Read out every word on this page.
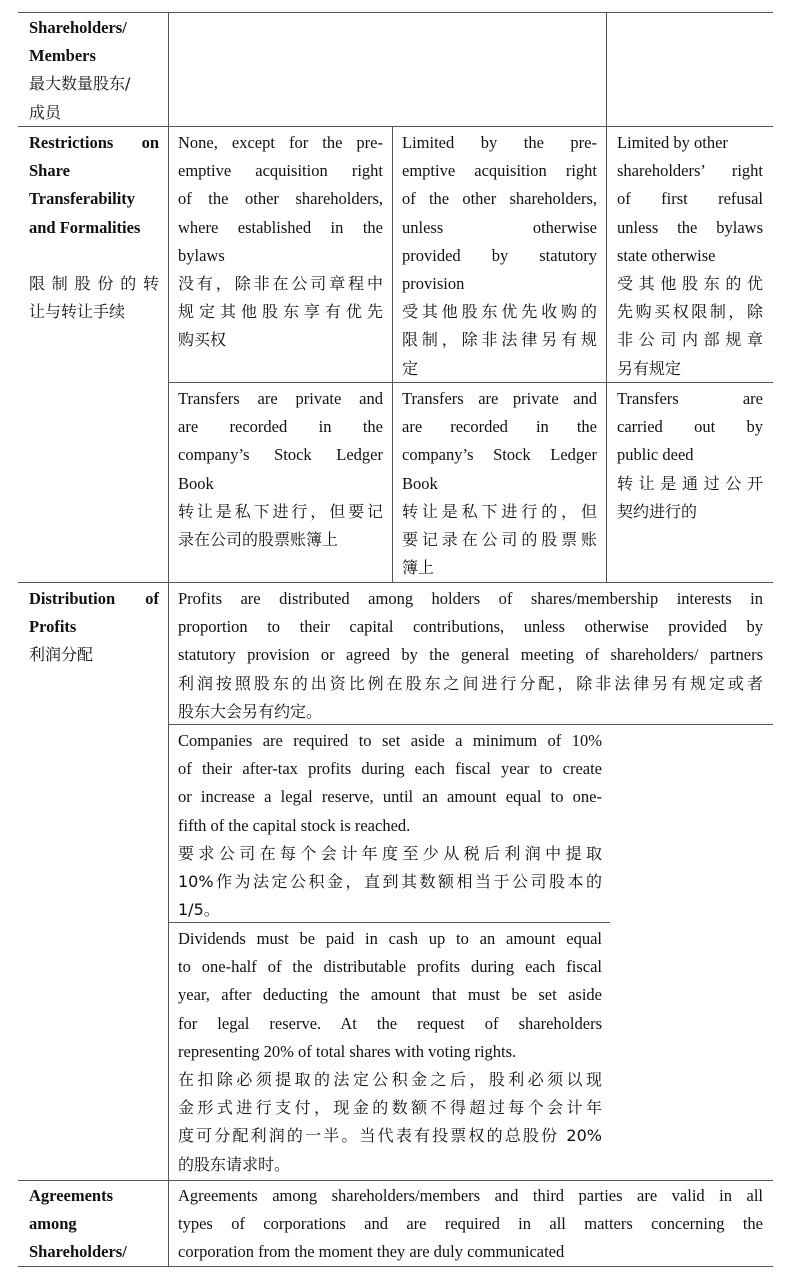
Shareholders/

Members

最大数量股东/

成员

Restrictions on

Share

Transferability

and Formalities

限制股份的转

让与转让手续

None, except for the pre-

emptive acquisition right

of the other shareholders,

where established in the

bylaws

没有，除非在公司章程中

规定其他股东享有优先

购买权

Limited by the pre-

emptive acquisition right

of the other shareholders,

unless otherwise

provided by statutory

provision

受其他股东优先收购的

限制，除非法律另有规

定

Limited by other

shareholders’ right

of first refusal

unless the bylaws

state otherwise

受其他股东的优

先购买权限制，除

非公司内部规章

另有规定

Transfers are private and

are recorded in the

company’s Stock Ledger

Book

转让是私下进行，但要记

录在公司的股票账簿上

Transfers are private and

are recorded in the

company’s Stock Ledger

Book

转让是私下进行的，但

要记录在公司的股票账

簿上

Transfers are

carried out by

public deed

转让是通过公开

契约进行的

Distribution of

Profits

利润分配

Profits are distributed among holders of shares/membership interests in

proportion to their capital contributions, unless otherwise provided by

statutory provision or agreed by the general meeting of shareholders/ partners

利润按照股东的出资比例在股东之间进行分配，除非法律另有规定或者

股东大会另有约定。

Companies are required to set aside a minimum of 10%

of their after-tax profits during each fiscal year to create

or increase a legal reserve, until an amount equal to one-

fifth of the capital stock is reached.

要求公司在每个会计年度至少从税后利润中提取

10%作为法定公积金，直到其数额相当于公司股本的

1/5。

Dividends must be paid in cash up to an amount equal

to one-half of the distributable profits during each fiscal

year, after deducting the amount that must be set aside

for legal reserve. At the request of shareholders

representing 20% of total shares with voting rights.

在扣除必须提取的法定公积金之后，股利必须以现

金形式进行支付，现金的数额不得超过每个会计年

度可分配利润的一半。当代表有投票权的总股份 20%

的股东请求时。

Agreements

among

Shareholders/

Agreements among shareholders/members and third parties are valid in all

types of corporations and are required in all matters concerning the

corporation from the moment they are duly communicated
